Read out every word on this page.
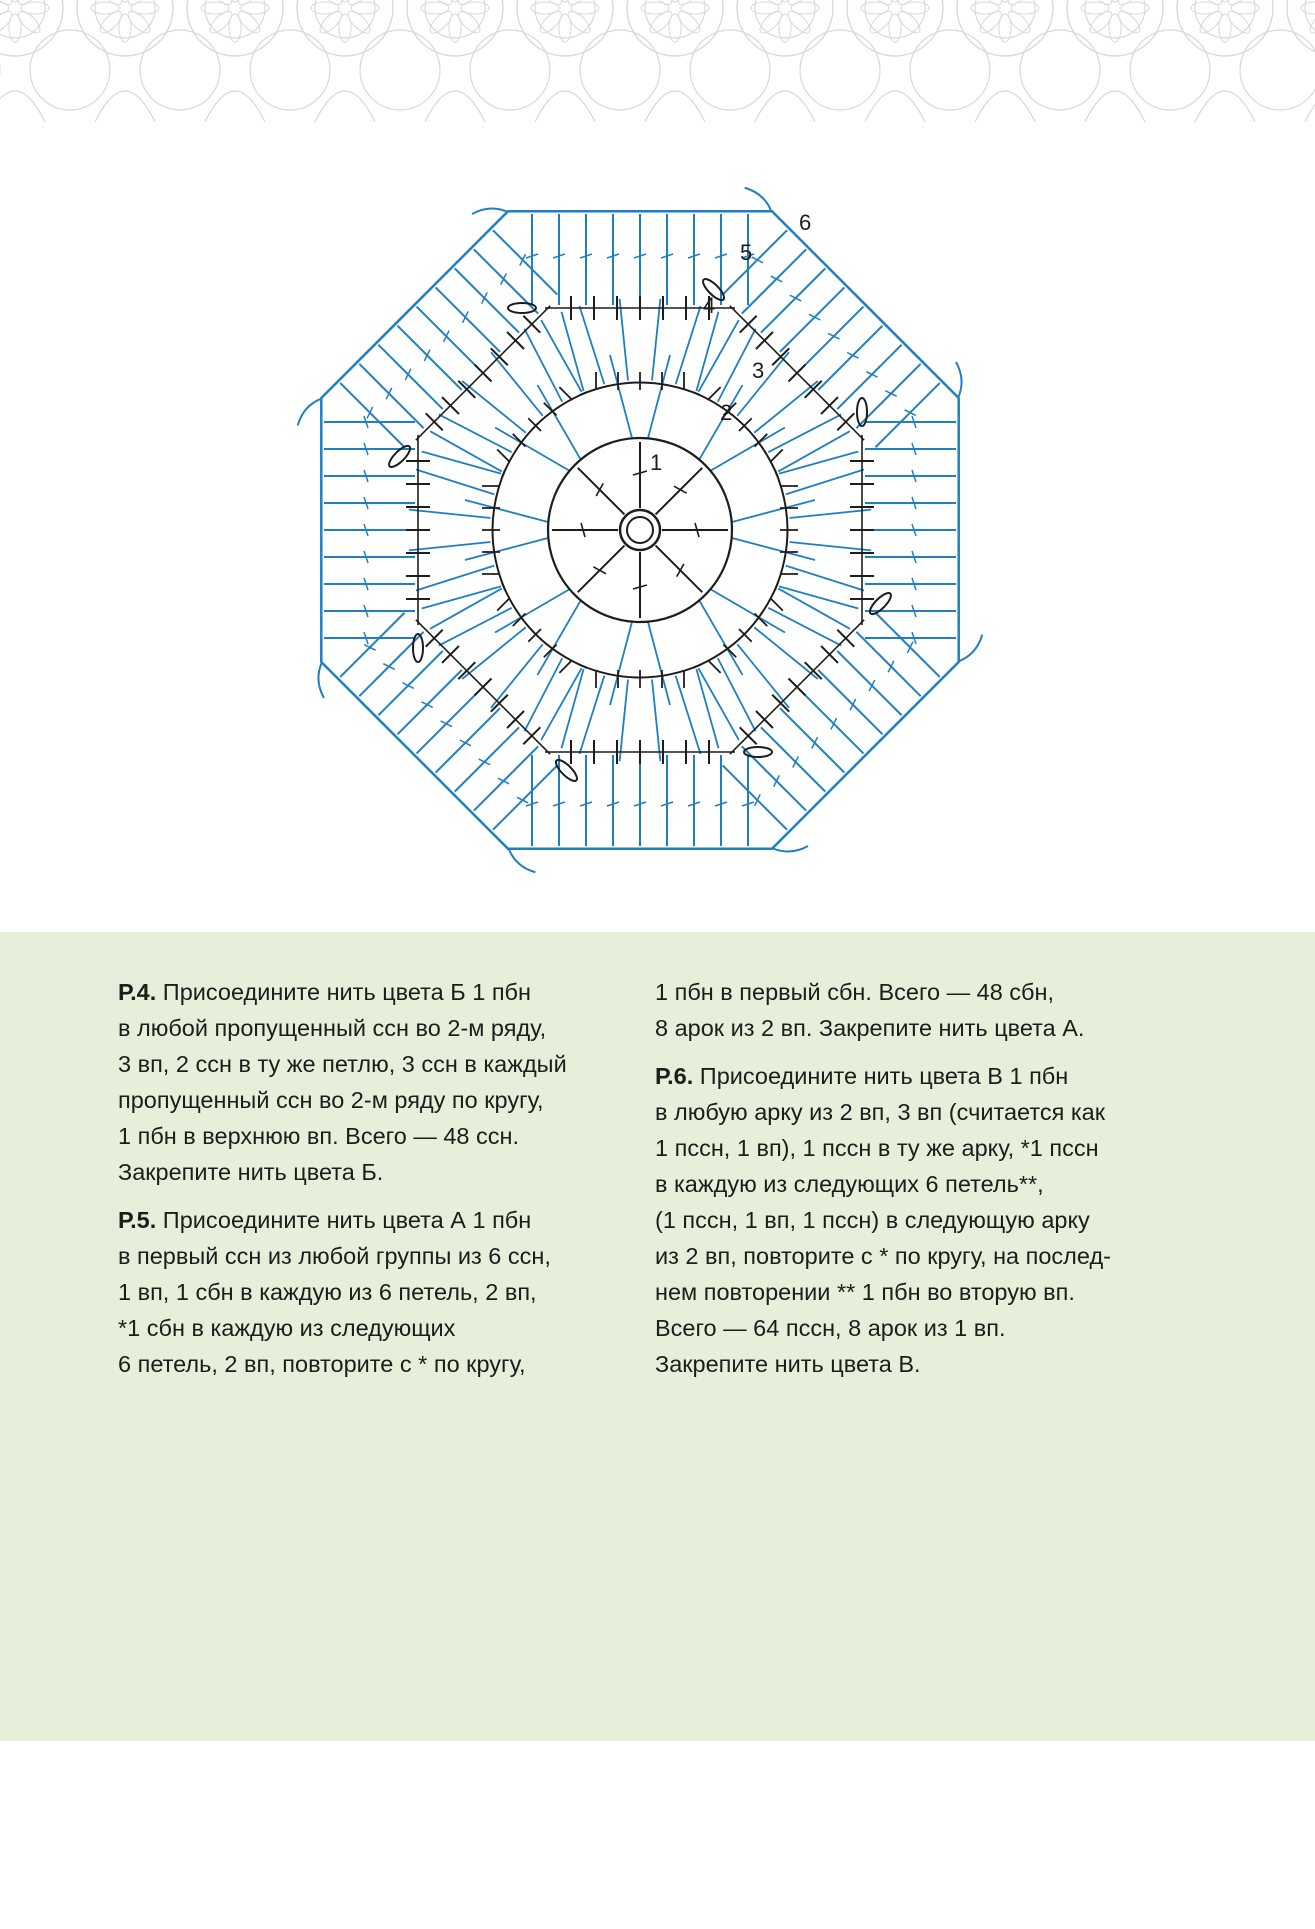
1
2
3
4
5
6
Р.4. Присоедините нить цвета Б 1 пбн
в любой пропущенный ссн во 2-м ряду,
3 вп, 2 ссн в ту же петлю, 3 ссн в каждый
пропущенный ссн во 2-м ряду по кругу,
1 пбн в верхнюю вп. Всего — 48 ссн.
Закрепите нить цвета Б.
Р.5. Присоедините нить цвета А 1 пбн
в первый ссн из любой группы из 6 ссн,
1 вп, 1 сбн в каждую из 6 петель, 2 вп,
*1 сбн в каждую из следующих
6 петель, 2 вп, повторите с * по кругу,
1 пбн в первый сбн. Всего — 48 сбн,
8 арок из 2 вп. Закрепите нить цвета А.
Р.6. Присоедините нить цвета В 1 пбн
в любую арку из 2 вп, 3 вп (считается как
1 пссн, 1 вп), 1 пссн в ту же арку, *1 пссн
в каждую из следующих 6 петель**,
(1 пссн, 1 вп, 1 пссн) в следующую арку
из 2 вп, повторите с * по кругу, на послед-
нем повторении ** 1 пбн во вторую вп.
Всего — 64 пссн, 8 арок из 1 вп.
Закрепите нить цвета В.
